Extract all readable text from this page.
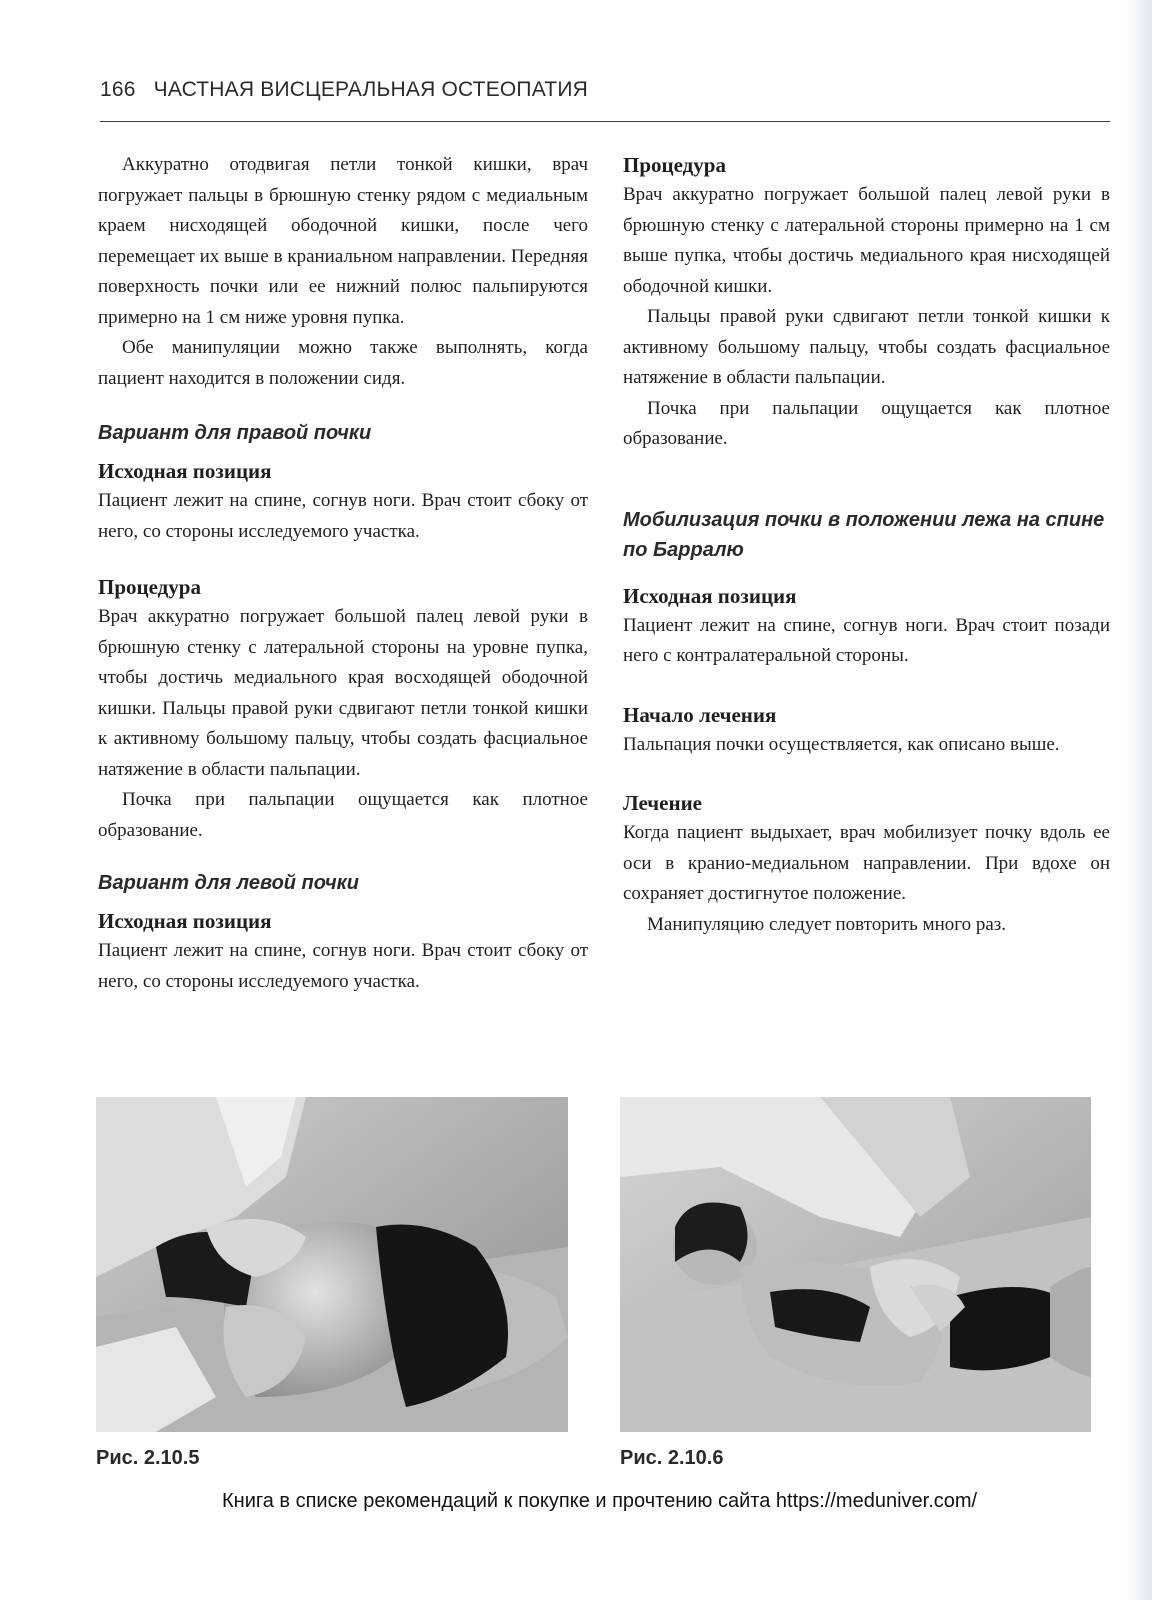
166 ЧАСТНАЯ ВИСЦЕРАЛЬНАЯ ОСТЕОПАТИЯ

Аккуратно отодвигая петли тонкой кишки, врач погружает пальцы в брюшную стенку рядом с медиальным краем нисходящей ободочной кишки, после чего перемещает их выше в краниальном направлении. Передняя поверхность почки или ее нижний полюс пальпируются примерно на 1 см ниже уровня пупка.

Обе манипуляции можно также выполнять, когда пациент находится в положении сидя.

Вариант для правой почки
Исходная позиция

Пациент лежит на спине, согнув ноги. Врач стоит сбоку от него, со стороны исследуемого участка.

Процедура

Врач аккуратно погружает большой палец левой руки в брюшную стенку с латеральной стороны на уровне пупка, чтобы достичь медиального края восходящей ободочной кишки. Пальцы правой руки сдвигают петли тонкой кишки к активному большому пальцу, чтобы создать фасциальное натяжение в области пальпации.

Почка при пальпации ощущается как плотное образование.

Вариант для левой почки
Исходная позиция

Пациент лежит на спине, согнув ноги. Врач стоит сбоку от него, со стороны исследуемого участка.

Процедура

Врач аккуратно погружает большой палец левой руки в брюшную стенку с латеральной стороны примерно на 1 см выше пупка, чтобы достичь медиального края нисходящей ободочной кишки.

Пальцы правой руки сдвигают петли тонкой кишки к активному большому пальцу, чтобы создать фасциальное натяжение в области пальпации.

Почка при пальпации ощущается как плотное образование.

Мобилизация почки в положении лежа на спине по Барралю
Исходная позиция

Пациент лежит на спине, согнув ноги. Врач стоит позади него с контралатеральной стороны.

Начало лечения

Пальпация почки осуществляется, как описано выше.

Лечение

Когда пациент выдыхает, врач мобилизует почку вдоль ее оси в кранио-медиальном направлении. При вдохе он сохраняет достигнутое положение.

Манипуляцию следует повторить много раз.

Рис. 2.10.5	Рис. 2.10.6
Книга в списке рекомендаций к покупке и прочтению сайта https://meduniver.com/
